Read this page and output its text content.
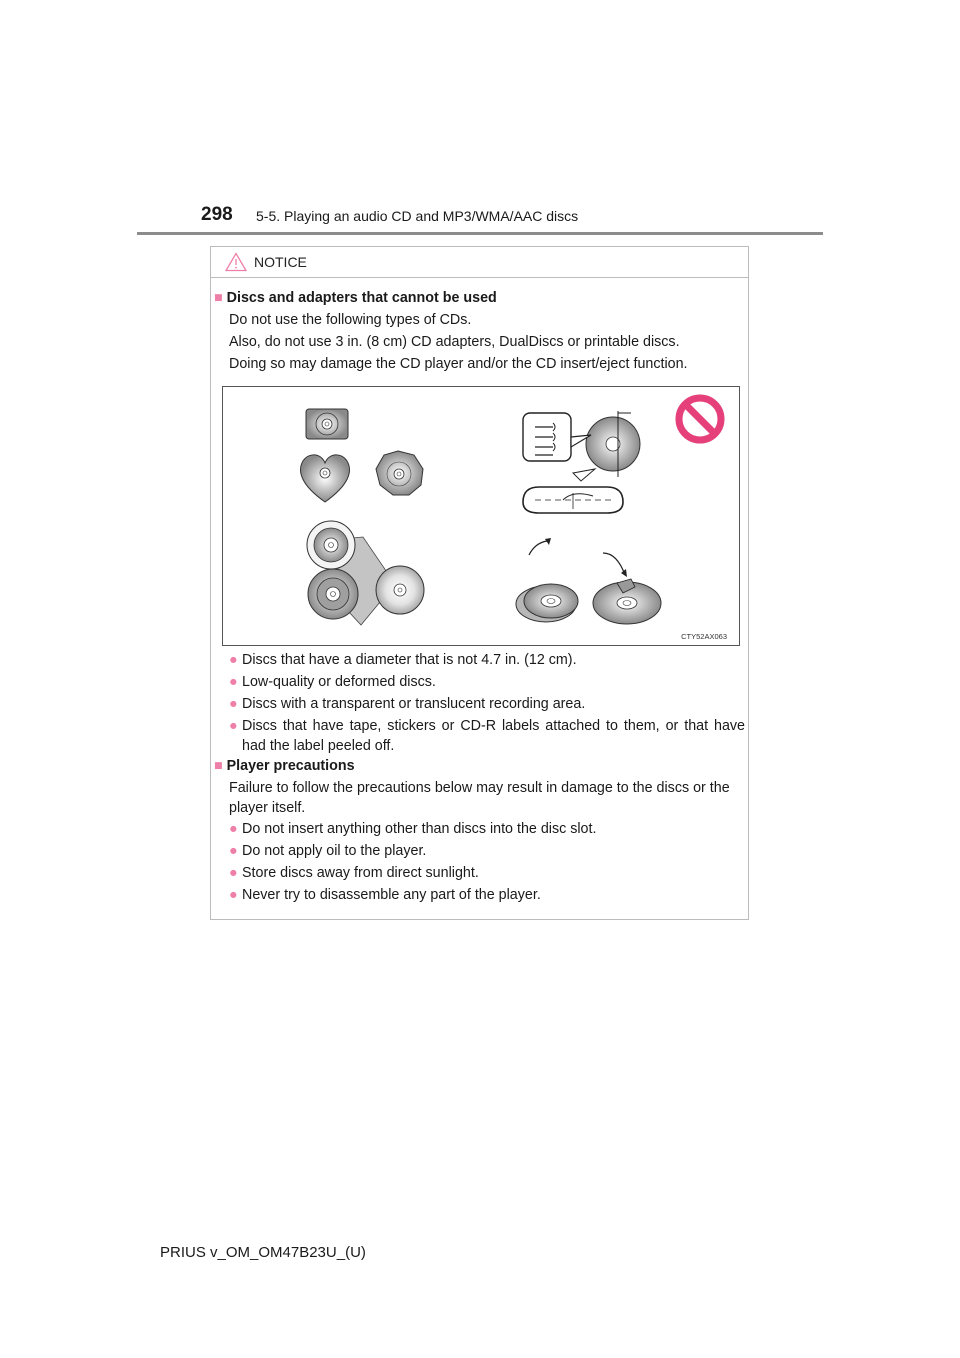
298 5-5. Playing an audio CD and MP3/WMA/AAC discs
NOTICE
■ Discs and adapters that cannot be used
Do not use the following types of CDs.
Also, do not use 3 in. (8 cm) CD adapters, DualDiscs or printable discs.
Doing so may damage the CD player and/or the CD insert/eject function.
● Discs that have a diameter that is not 4.7 in. (12 cm).
● Low-quality or deformed discs.
● Discs with a transparent or translucent recording area.
● Discs that have tape, stickers or CD-R labels attached to them, or that have had the label peeled off.
■ Player precautions
Failure to follow the precautions below may result in damage to the discs or the player itself.
● Do not insert anything other than discs into the disc slot.
● Do not apply oil to the player.
● Store discs away from direct sunlight.
● Never try to disassemble any part of the player.
CTY52AX063
PRIUS v_OM_OM47B23U_(U)
